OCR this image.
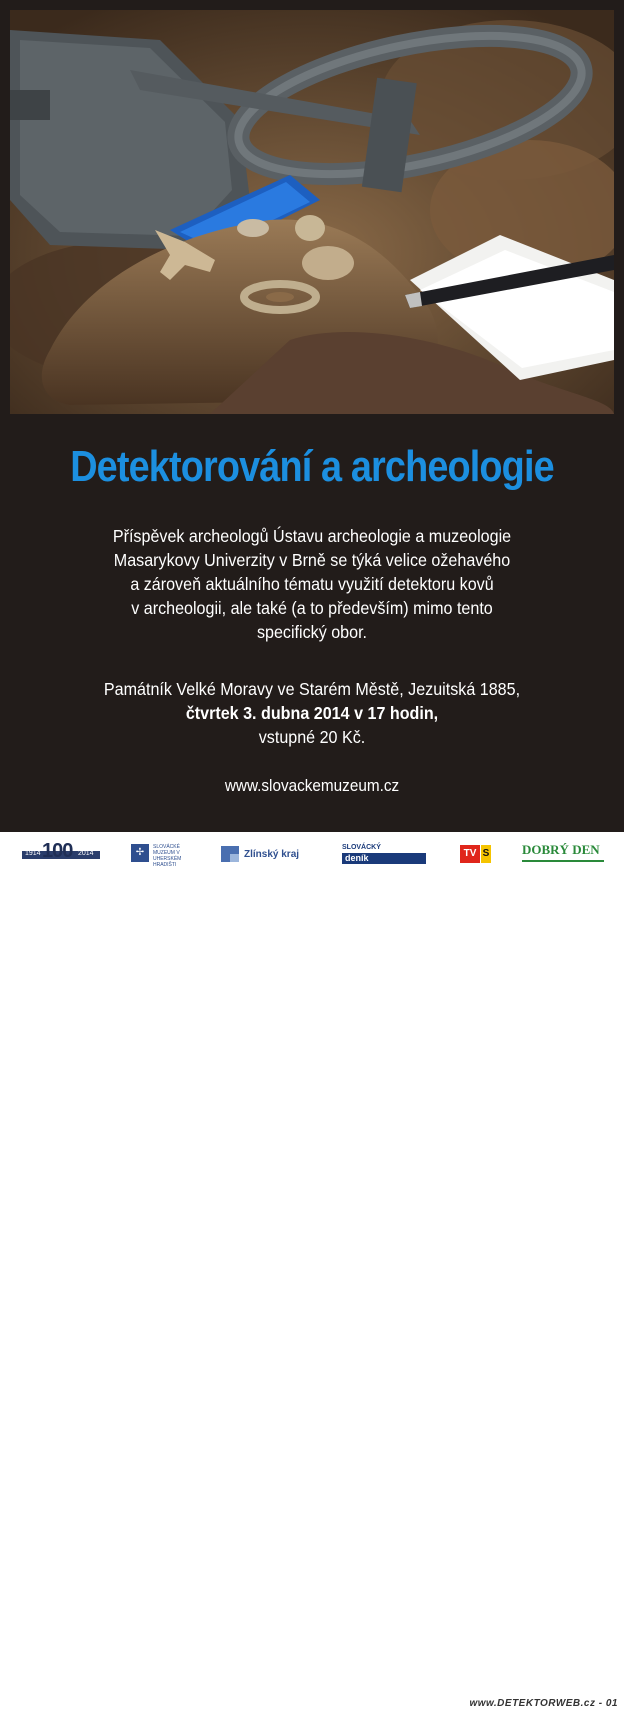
Detektorování a archeologie
Příspěvek archeologů Ústavu archeologie a muzeologie
Masarykovy Univerzity v Brně se týká velice ožehavého
a zároveň aktuálního tématu využití detektoru kovů
v archeologii, ale také (a to především) mimo tento
specifický obor.
Památník Velké Moravy ve Starém Městě, Jezuitská 1885,
čtvrtek 3. dubna 2014 v 17 hodin,
vstupné 20 Kč.
www.slovackemuzeum.cz
1914 100 2014	✢	SLOVÁCKÉ MUZEUM V UHERSKÉM HRADIŠTI
Zlínský kraj
SLOVÁCKÝ
deník	TV S	DOBRÝ DEN
www.DETEKTORWEB.cz - 01
